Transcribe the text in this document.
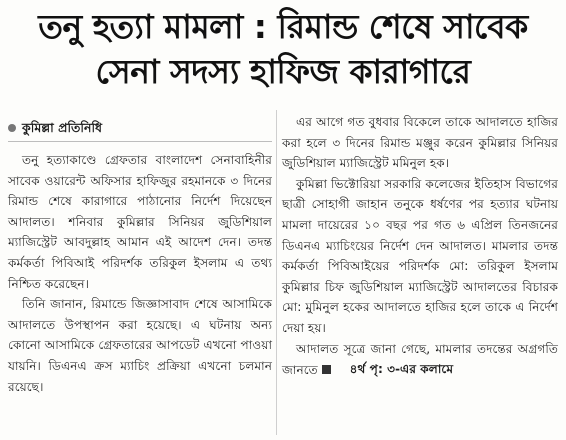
তনু হত্যা মামলা : রিমান্ড শেষে সাবেক
সেনা সদস্য হাফিজ কারাগারে
কুমিল্লা প্রতিনিধি

তনু হত্যাকাণ্ডে গ্রেফতার বাংলাদেশ সেনাবাহিনীর সাবেক ওয়ারেন্ট অফিসার হাফিজুর রহমানকে ৩ দিনের রিমান্ড শেষে কারাগারে পাঠানোর নির্দেশ দিয়েছেন আদালত। শনিবার কুমিল্লার সিনিয়র জুডিশিয়াল ম্যাজিস্ট্রেট আবদুল্লাহ আমান এই আদেশ দেন। তদন্ত কর্মকর্তা পিবিআই পরিদর্শক তরিকুল ইসলাম এ তথ্য নিশ্চিত করেছেন।

তিনি জানান, রিমান্ডে জিজ্ঞাসাবাদ শেষে আসামিকে আদালতে উপস্থাপন করা হয়েছে। এ ঘটনায় অন্য কোনো আসামিকে গ্রেফতারের আপডেট এখনো পাওয়া যায়নি। ডিএনএ ক্রস ম্যাচিং প্রক্রিয়া এখনো চলমান রয়েছে।

এর আগে গত বুধবার বিকেলে তাকে আদালতে হাজির করা হলে ৩ দিনের রিমান্ড মঞ্জুর করেন কুমিল্লার সিনিয়র জুডিশিয়াল ম্যাজিস্ট্রেট মমিনুল হক।

কুমিল্লা ভিক্টোরিয়া সরকারি কলেজের ইতিহাস বিভাগের ছাত্রী সোহাগী জাহান তনুকে ধর্ষণের পর হত্যার ঘটনায় মামলা দায়েরের ১০ বছর পর গত ৬ এপ্রিল তিনজনের ডিএনএ ম্যাচিংয়ের নির্দেশ দেন আদালত। মামলার তদন্ত কর্মকর্তা পিবিআইয়ের পরিদর্শক মো: তরিকুল ইসলাম কুমিল্লার চিফ জুডিশিয়াল ম্যাজিস্ট্রেট আদালতের বিচারক মো: মুমিনুল হকের আদালতে হাজির হলে তাকে এ নির্দেশ দেয়া হয়।

আদালত সূত্রে জানা গেছে, মামলার তদন্তের অগ্রগতি জানতে	৪র্থ পৃ: ৩-এর কলামে
